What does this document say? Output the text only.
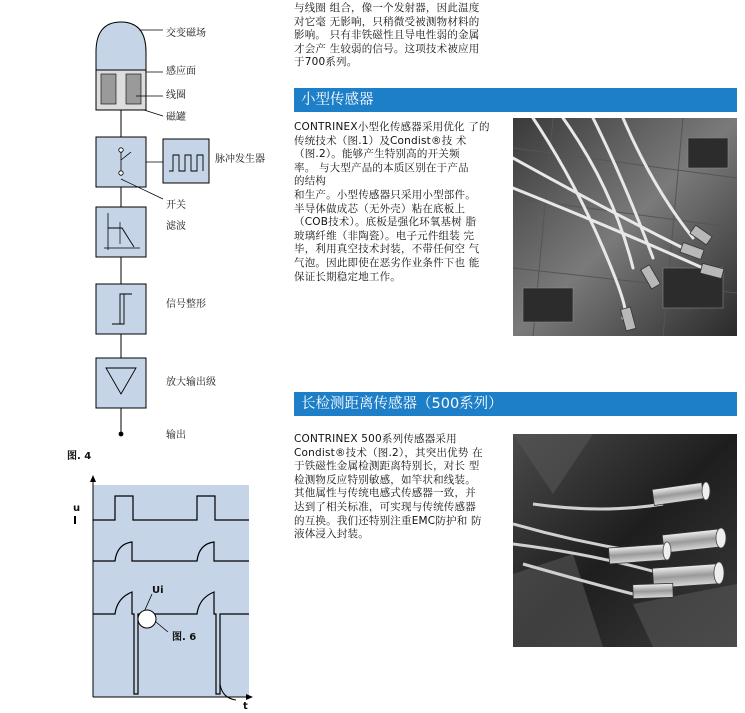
交变磁场
感应面
线圈
磁罐
脉冲发生器
开关
滤波
信号整形
放大输出级
输出
图. 4
u
t
Ui
图. 6
与线圈 组合，像一个发射器，因此温度
对它毫 无影响，只稍微受被测物材料的
影响。 只有非铁磁性且导电性弱的金属
才会产 生较弱的信号。这项技术被应用
于700系列。
小型传感器
CONTRINEX小型化传感器采用优化 了的
传统技术（图.1）及Condist®技 术
（图.2）。能够产生特别高的开关频
率。 与大型产品的本质区别在于产品
的结构
和生产。小型传感器只采用小型部件。
半导体做成芯（无外壳）粘在底板上
（COB技术）。底板是强化环氧基树 脂
玻璃纤维（非陶瓷）。电子元件组装 完
毕，利用真空技术封装，不带任何空 气
气泡。因此即使在恶劣作业条件下也 能
保证长期稳定地工作。
长检测距离传感器（500系列）
CONTRINEX 500系列传感器采用
Condist®技术（图.2），其突出优势 在
于铁磁性金属检测距离特别长，对长 型
检测物反应特别敏感，如竿状和线装。
其他属性与传统电感式传感器一致，并
达到了相关标准，可实现与传统传感器
的互换。我们还特别注重EMC防护和 防
液体浸入封装。
